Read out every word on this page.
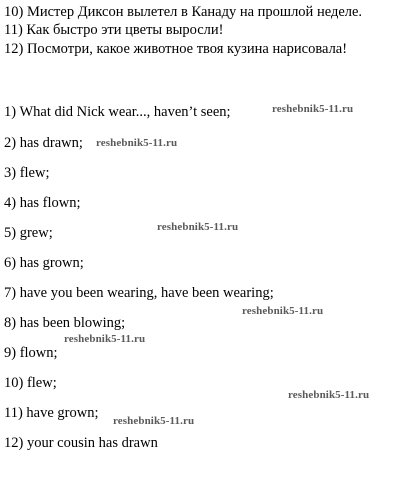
10) Мистер Диксон вылетел в Канаду на прошлой неделе.
11) Как быстро эти цветы выросли!
12) Посмотри, какое животное твоя кузина нарисовала!
1) What did Nick wear..., haven’t seen;
2) has drawn;
3) flew;
4) has flown;
5) grew;
6) has grown;
7) have you been wearing, have been wearing;
8) has been blowing;
9) flown;
10) flew;
11) have grown;
12) your cousin has drawn
reshebnik5-11.ru
reshebnik5-11.ru
reshebnik5-11.ru
reshebnik5-11.ru
reshebnik5-11.ru
reshebnik5-11.ru
reshebnik5-11.ru
